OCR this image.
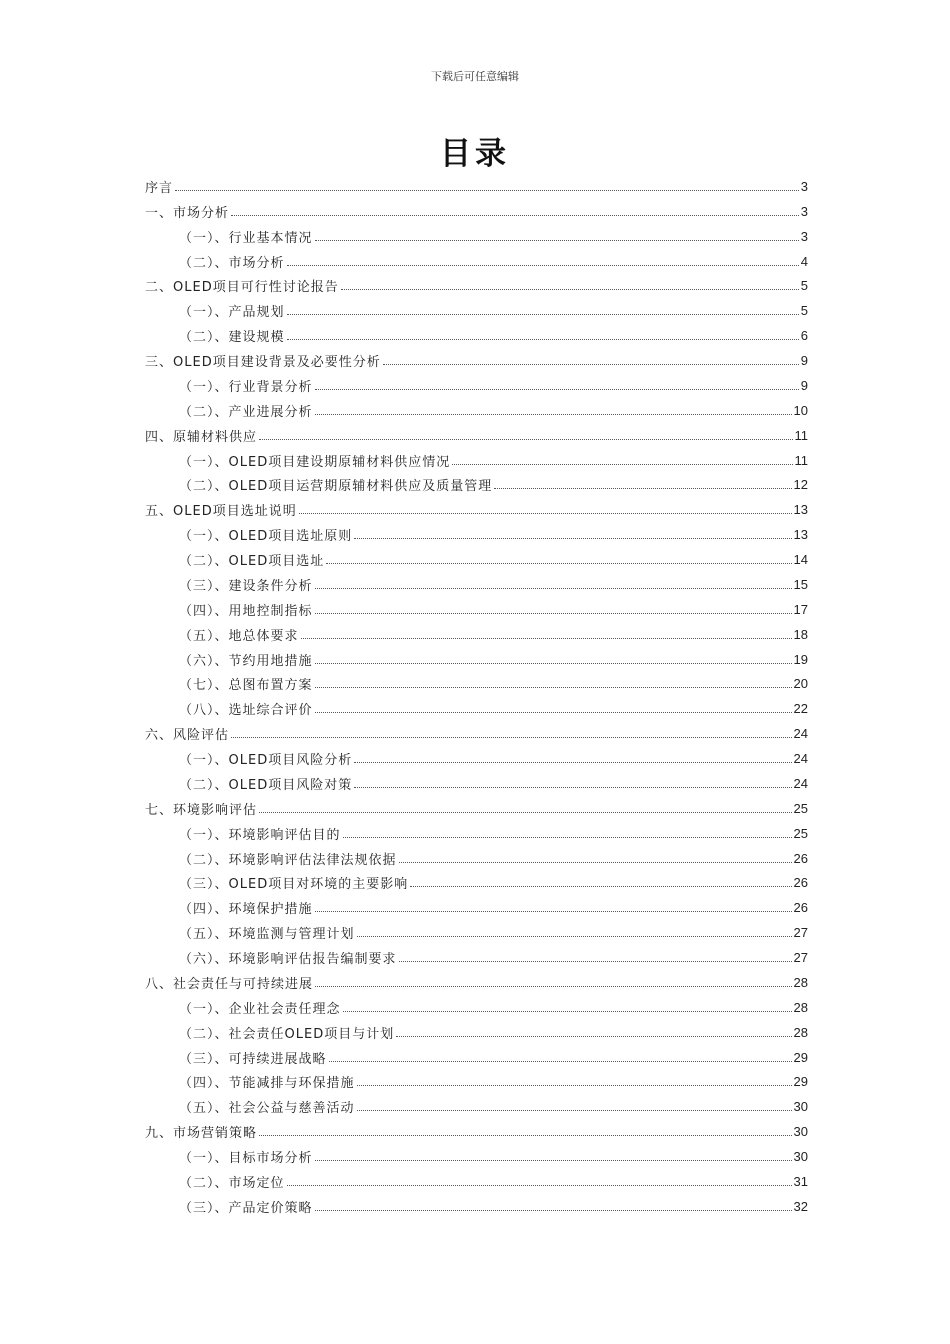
下载后可任意编辑
目录
序言	3
一、市场分析	3
（一）、行业基本情况	3
（二）、市场分析	4
二、OLED项目可行性讨论报告	5
（一）、产品规划	5
（二）、建设规模	6
三、OLED项目建设背景及必要性分析	9
（一）、行业背景分析	9
（二）、产业进展分析	10
四、原辅材料供应	11
（一）、OLED项目建设期原辅材料供应情况	11
（二）、OLED项目运营期原辅材料供应及质量管理	12
五、OLED项目选址说明	13
（一）、OLED项目选址原则	13
（二）、OLED项目选址	14
（三）、建设条件分析	15
（四）、用地控制指标	17
（五）、地总体要求	18
（六）、节约用地措施	19
（七）、总图布置方案	20
（八）、选址综合评价	22
六、风险评估	24
（一）、OLED项目风险分析	24
（二）、OLED项目风险对策	24
七、环境影响评估	25
（一）、环境影响评估目的	25
（二）、环境影响评估法律法规依据	26
（三）、OLED项目对环境的主要影响	26
（四）、环境保护措施	26
（五）、环境监测与管理计划	27
（六）、环境影响评估报告编制要求	27
八、社会责任与可持续进展	28
（一）、企业社会责任理念	28
（二）、社会责任OLED项目与计划	28
（三）、可持续进展战略	29
（四）、节能减排与环保措施	29
（五）、社会公益与慈善活动	30
九、市场营销策略	30
（一）、目标市场分析	30
（二）、市场定位	31
（三）、产品定价策略	32
